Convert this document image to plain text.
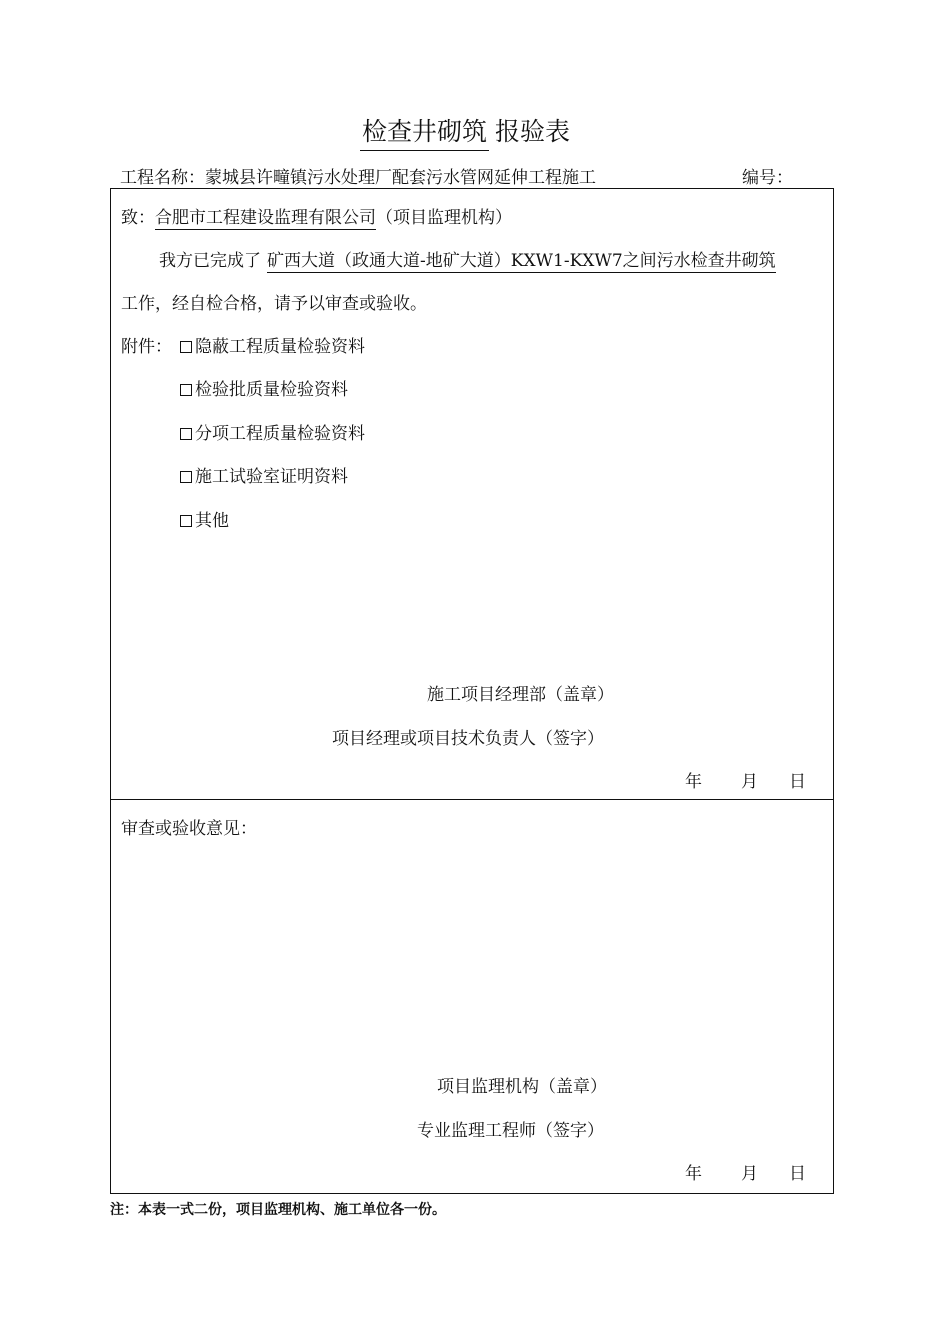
检查井砌筑 报验表
工程名称：蒙城县许疃镇污水处理厂配套污水管网延伸工程施工	编号：
致：合肥市工程建设监理有限公司（项目监理机构）
我方已完成了 矿西大道（政通大道-地矿大道）KXW1-KXW7之间污水检查井砌筑
工作，经自检合格，请予以审查或验收。
附件：	隐蔽工程质量检验资料
检验批质量检验资料
分项工程质量检验资料
施工试验室证明资料
其他
施工项目经理部（盖章）
项目经理或项目技术负责人（签字）
年 月 日
审查或验收意见：
项目监理机构（盖章）
专业监理工程师（签字）
年 月 日
注：本表一式二份，项目监理机构、施工单位各一份。
